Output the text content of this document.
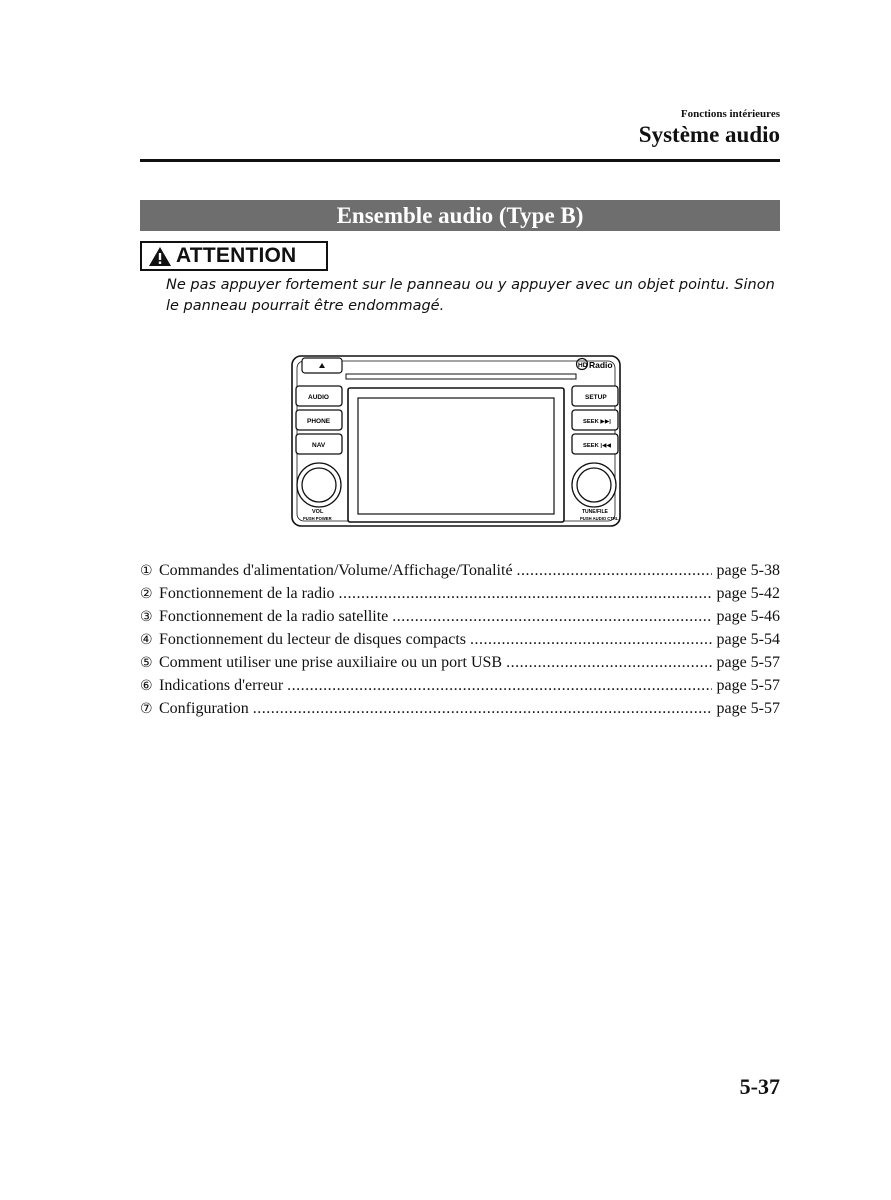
Fonctions intérieures
Système audio
Ensemble audio (Type B)
ATTENTION
Ne pas appuyer fortement sur le panneau ou y appuyer avec un objet pointu. Sinon le panneau pourrait être endommagé.
HD Radio
AUDIO
PHONE
NAV
SETUP
SEEK ▶▶|
SEEK |◀◀
VOL
PUSH POWER
TUNE/FILE
PUSH AUDIO CTRL
① Commandes d'alimentation/Volume/Affichage/Tonalité .....	page 5-38
② Fonctionnement de la radio .....	page 5-42
③ Fonctionnement de la radio satellite .....	page 5-46
④ Fonctionnement du lecteur de disques compacts .....	page 5-54
⑤ Comment utiliser une prise auxiliaire ou un port USB .....	page 5-57
⑥ Indications d'erreur .....	page 5-57
⑦ Configuration .....	page 5-57
5-37
